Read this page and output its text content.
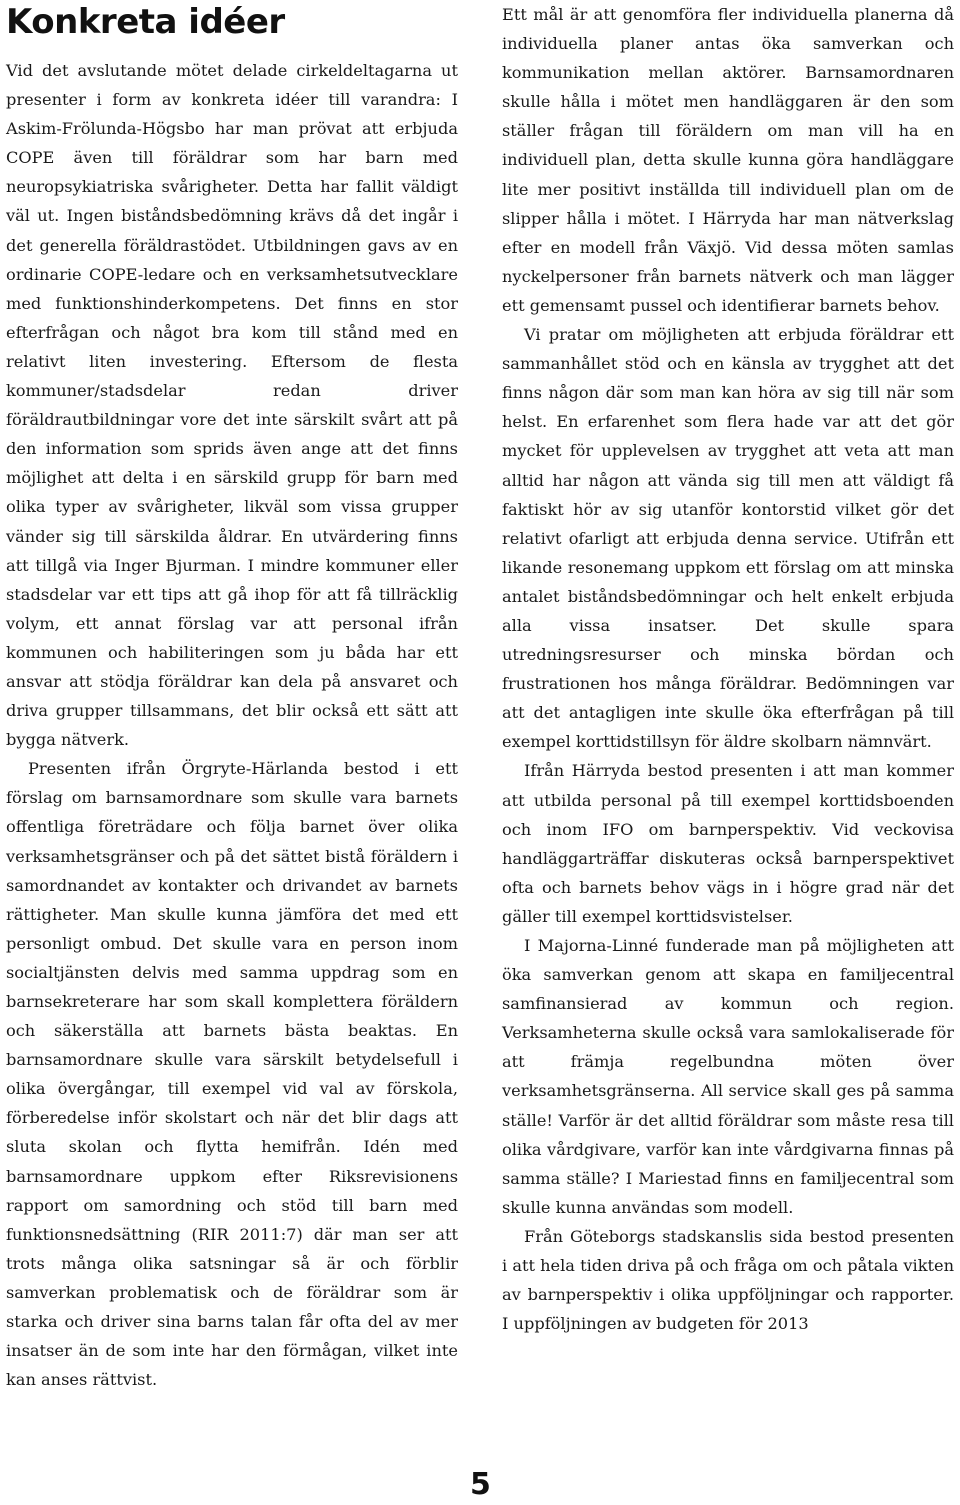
Konkreta idéer

Vid det avslutande mötet delade cirkeldeltagarna ut presenter i form av konkreta idéer till varandra: I Askim-Frölunda-Högsbo har man prövat att erbjuda COPE även till föräldrar som har barn med neuropsykiatriska svårigheter. Detta har fallit väldigt väl ut. Ingen biståndsbedömning krävs då det ingår i det generella föräldrastödet. Utbildningen gavs av en ordinarie COPE-ledare och en verksamhetsutvecklare med funktionshinderkompetens. Det finns en stor efterfrågan och något bra kom till stånd med en relativt liten investering. Eftersom de flesta kommuner/stadsdelar redan driver föräldrautbildningar vore det inte särskilt svårt att på den information som sprids även ange att det finns möjlighet att delta i en särskild grupp för barn med olika typer av svårigheter, likväl som vissa grupper vänder sig till särskilda åldrar. En utvärdering finns att tillgå via Inger Bjurman. I mindre kommuner eller stadsdelar var ett tips att gå ihop för att få tillräcklig volym, ett annat förslag var att personal ifrån kommunen och habiliteringen som ju båda har ett ansvar att stödja föräldrar kan dela på ansvaret och driva grupper tillsammans, det blir också ett sätt att bygga nätverk.

Presenten ifrån Örgryte-Härlanda bestod i ett förslag om barnsamordnare som skulle vara barnets offentliga företrädare och följa barnet över olika verksamhetsgränser och på det sättet bistå föräldern i samordnandet av kontakter och drivandet av barnets rättigheter. Man skulle kunna jämföra det med ett personligt ombud. Det skulle vara en person inom socialtjänsten delvis med samma uppdrag som en barnsekreterare har som skall komplettera föräldern och säkerställa att barnets bästa beaktas. En barnsamordnare skulle vara särskilt betydelsefull i olika övergångar, till exempel vid val av förskola, förberedelse inför skolstart och när det blir dags att sluta skolan och flytta hemifrån. Idén med barnsamordnare uppkom efter Riksrevisionens rapport om samordning och stöd till barn med funktionsnedsättning (RIR 2011:7) där man ser att trots många olika satsningar så är och förblir samverkan problematisk och de föräldrar som är starka och driver sina barns talan får ofta del av mer insatser än de som inte har den förmågan, vilket inte kan anses rättvist.

Ett mål är att genomföra fler individuella planerna då individuella planer antas öka samverkan och kommunikation mellan aktörer. Barnsamordnaren skulle hålla i mötet men handläggaren är den som ställer frågan till föräldern om man vill ha en individuell plan, detta skulle kunna göra handläggare lite mer positivt inställda till individuell plan om de slipper hålla i mötet. I Härryda har man nätverkslag efter en modell från Växjö. Vid dessa möten samlas nyckelpersoner från barnets nätverk och man lägger ett gemensamt pussel och identifierar barnets behov.

Vi pratar om möjligheten att erbjuda föräldrar ett sammanhållet stöd och en känsla av trygghet att det finns någon där som man kan höra av sig till när som helst. En erfarenhet som flera hade var att det gör mycket för upplevelsen av trygghet att veta att man alltid har någon att vända sig till men att väldigt få faktiskt hör av sig utanför kontorstid vilket gör det relativt ofarligt att erbjuda denna service. Utifrån ett likande resonemang uppkom ett förslag om att minska antalet biståndsbedömningar och helt enkelt erbjuda alla vissa insatser. Det skulle spara utredningsresurser och minska bördan och frustrationen hos många föräldrar. Bedömningen var att det antagligen inte skulle öka efterfrågan på till exempel korttidstillsyn för äldre skolbarn nämnvärt.

Ifrån Härryda bestod presenten i att man kommer att utbilda personal på till exempel korttidsboenden och inom IFO om barnperspektiv. Vid veckovisa handläggarträffar diskuteras också barnperspektivet ofta och barnets behov vägs in i högre grad när det gäller till exempel korttidsvistelser.

I Majorna-Linné funderade man på möjligheten att öka samverkan genom att skapa en familjecentral samfinansierad av kommun och region. Verksamheterna skulle också vara samlokaliserade för att främja regelbundna möten över verksamhetsgränserna. All service skall ges på samma ställe! Varför är det alltid föräldrar som måste resa till olika vårdgivare, varför kan inte vårdgivarna finnas på samma ställe? I Mariestad finns en familjecentral som skulle kunna användas som modell.

Från Göteborgs stadskanslis sida bestod presenten i att hela tiden driva på och fråga om och påtala vikten av barnperspektiv i olika uppföljningar och rapporter. I uppföljningen av budgeten för 2013

5
